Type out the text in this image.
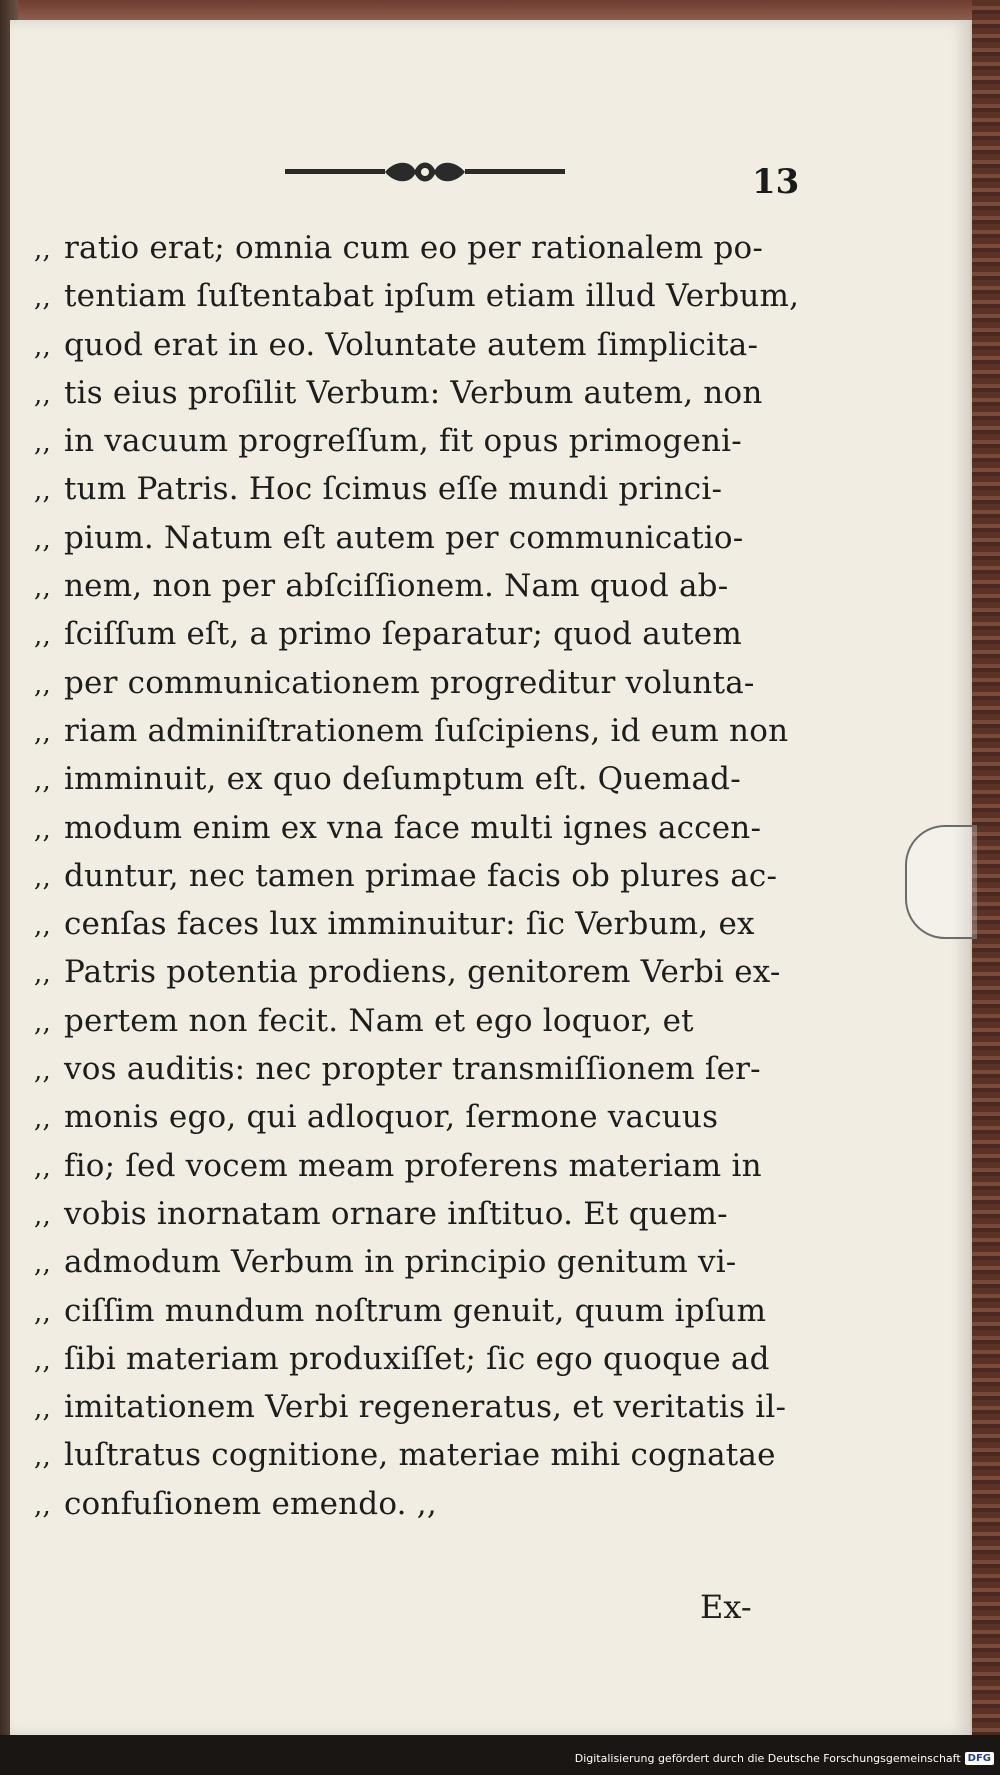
13
,, ratio erat; omnia cum eo per rationalem po-
,, tentiam ſuſtentabat ipſum etiam illud Verbum,
,, quod erat in eo. Voluntate autem ſimplicita-
,, tis eius proſilit Verbum: Verbum autem, non
,, in vacuum progreſſum, fit opus primogeni-
,, tum Patris. Hoc ſcimus eſſe mundi princi-
,, pium. Natum eſt autem per communicatio-
,, nem, non per abſciſſionem. Nam quod ab-
,, ſciſſum eſt, a primo ſeparatur; quod autem
,, per communicationem progreditur volunta-
,, riam adminiſtrationem ſuſcipiens, id eum non
,, imminuit, ex quo deſumptum eſt. Quemad-
,, modum enim ex vna face multi ignes accen-
,, duntur, nec tamen primae facis ob plures ac-
,, cenſas faces lux imminuitur: ſic Verbum, ex
,, Patris potentia prodiens, genitorem Verbi ex-
,, pertem non fecit. Nam et ego loquor, et
,, vos auditis: nec propter transmiſſionem ſer-
,, monis ego, qui adloquor, ſermone vacuus
,, fio; ſed vocem meam proferens materiam in
,, vobis inornatam ornare inſtituo. Et quem-
,, admodum Verbum in principio genitum vi-
,, ciſſim mundum noſtrum genuit, quum ipſum
,, ſibi materiam produxiſſet; ſic ego quoque ad
,, imitationem Verbi regeneratus, et veritatis il-
,, luſtratus cognitione, materiae mihi cognatae
,, confuſionem emendo. ,,
Ex-
Digitalisierung gefördert durch die Deutsche Forschungsgemeinschaft DFG
